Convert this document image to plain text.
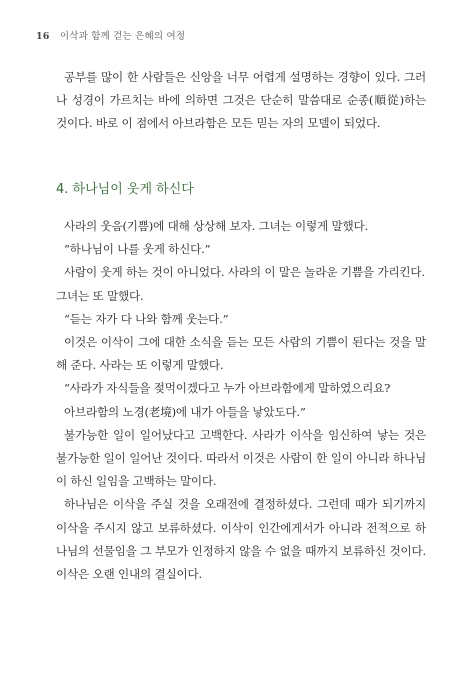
16 이삭과 함께 걷는 은혜의 여정

공부를 많이 한 사람들은 신앙을 너무 어렵게 설명하는 경향이 있다. 그러나 성경이 가르치는 바에 의하면 그것은 단순히 말씀대로 순종(順從)하는 것이다. 바로 이 점에서 아브라함은 모든 믿는 자의 모델이 되었다.

4. 하나님이 웃게 하신다

사라의 웃음(기쁨)에 대해 상상해 보자. 그녀는 이렇게 말했다.

“하나님이 나를 웃게 하신다.”

사람이 웃게 하는 것이 아니었다. 사라의 이 말은 놀라운 기쁨을 가리킨다.

그녀는 또 말했다.

“듣는 자가 다 나와 함께 웃는다.”

이것은 이삭이 그에 대한 소식을 듣는 모든 사람의 기쁨이 된다는 것을 말해 준다. 사라는 또 이렇게 말했다.

“사라가 자식들을 젖먹이겠다고 누가 아브라함에게 말하였으리요?

아브라함의 노경(老境)에 내가 아들을 낳았도다.”

불가능한 일이 일어났다고 고백한다. 사라가 이삭을 임신하여 낳는 것은 불가능한 일이 일어난 것이다. 따라서 이것은 사람이 한 일이 아니라 하나님이 하신 일임을 고백하는 말이다.

하나님은 이삭을 주실 것을 오래전에 결정하셨다. 그런데 때가 되기까지 이삭을 주시지 않고 보류하셨다. 이삭이 인간에게서가 아니라 전적으로 하나님의 선물임을 그 부모가 인정하지 않을 수 없을 때까지 보류하신 것이다. 이삭은 오랜 인내의 결실이다.
